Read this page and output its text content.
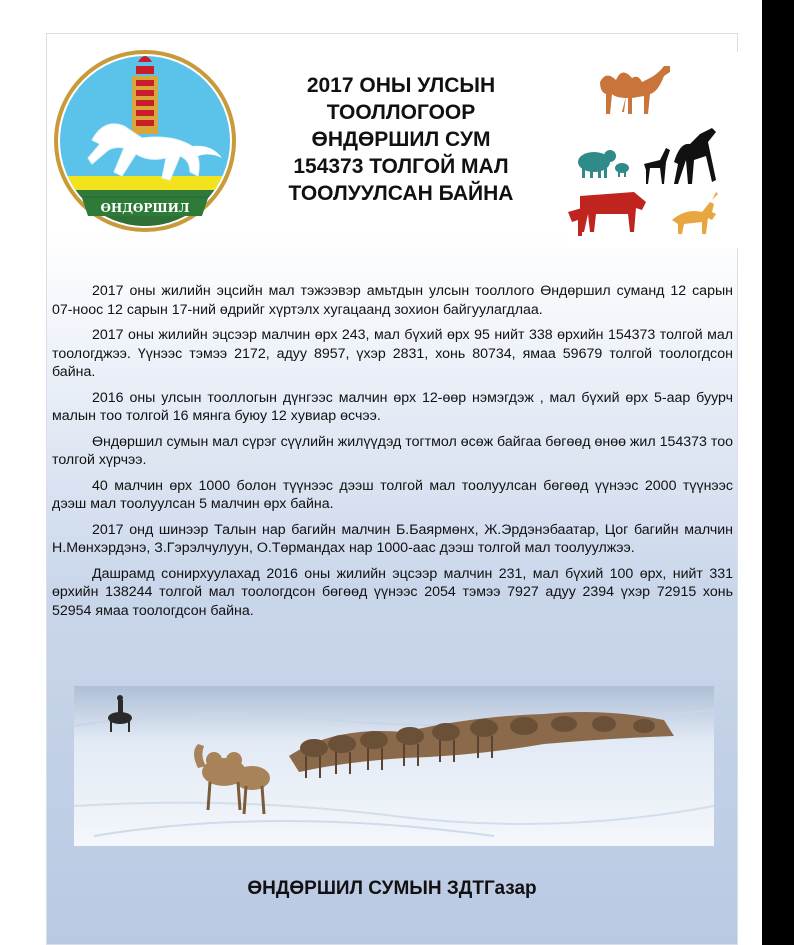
ӨНДӨРШИЛ
2017 ОНЫ УЛСЫН
ТООЛЛОГООР
ӨНДӨРШИЛ СУМ
154373 ТОЛГОЙ МАЛ
ТООЛУУЛСАН БАЙНА

2017 оны жилийн эцсийн мал тэжээвэр амьтдын улсын тооллого Өндөршил суманд 12 сарын 07-ноос 12 сарын 17-ний өдрийг хүртэлх хугацаанд зохион байгуулагдлаа.

2017 оны жилийн эцсээр малчин өрх 243, мал бүхий өрх 95 нийт 338 өрхийн 154373 толгой мал тоологджээ. Үүнээс тэмээ 2172, адуу 8957, үхэр 2831, хонь 80734, ямаа 59679 толгой тоологдсон байна.

2016 оны улсын тооллогын дүнгээс малчин өрх 12-өөр нэмэгдэж , мал бүхий өрх 5-аар буурч малын тоо толгой 16 мянга буюу 12 хувиар өсчээ.

Өндөршил сумын мал сүрэг сүүлийн жилүүдэд тогтмол өсөж байгаа бөгөөд өнөө жил 154373 тоо толгой хүрчээ.

40 малчин өрх 1000 болон түүнээс дээш толгой мал тоолуулсан бөгөөд үүнээс 2000 түүнээс дээш мал тоолуулсан 5 малчин өрх байна.

2017 онд шинээр Талын нар багийн малчин Б.Баярмөнх, Ж.Эрдэнэбаатар, Цог багийн малчин Н.Мөнхэрдэнэ, З.Гэрэлчулуун, О.Төрмандах нар 1000-аас дээш толгой мал тоолуулжээ.

Дашрамд сонирхуулахад 2016 оны жилийн эцсээр малчин 231, мал бүхий 100 өрх, нийт 331 өрхийн 138244 толгой мал тоологдсон бөгөөд үүнээс 2054 тэмээ 7927 адуу 2394 үхэр 72915 хонь 52954 ямаа тоологдсон байна.

ӨНДӨРШИЛ СУМЫН ЗДТГазар
